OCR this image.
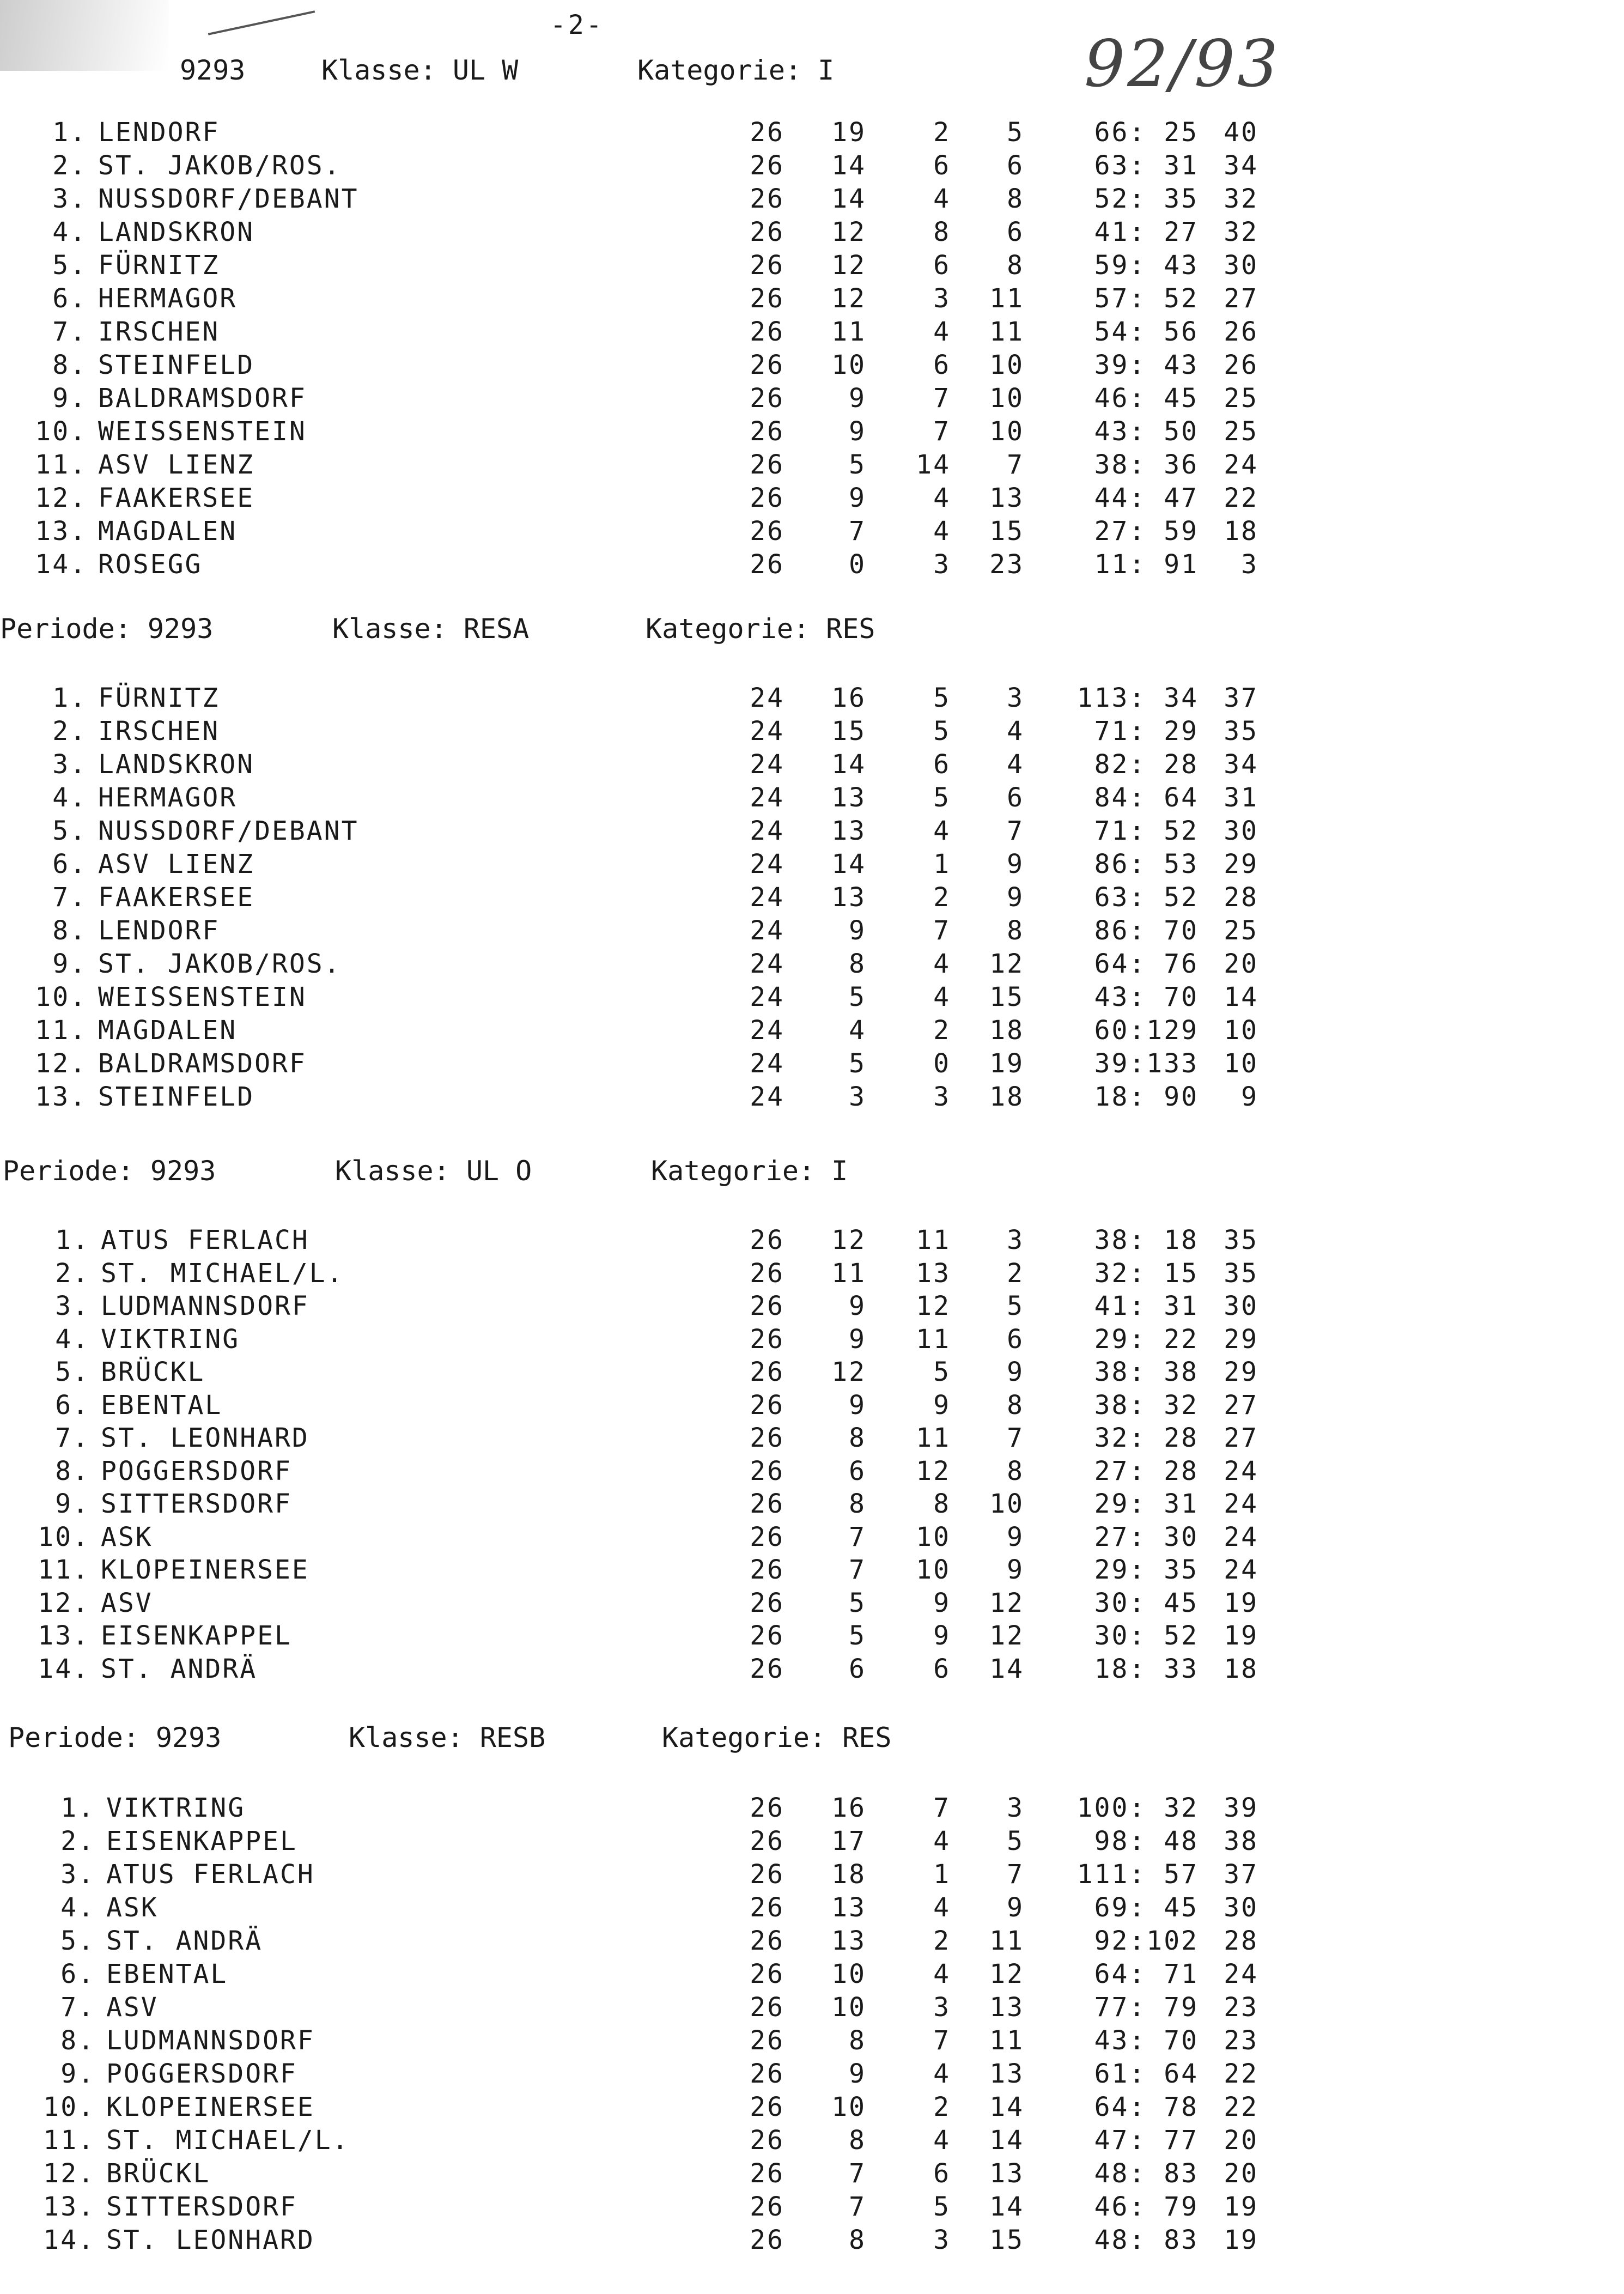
-2-
92/93
9293	Klasse: UL W	Kategorie: I
1. LENDORF	26	19	2	5	66: 25 40
2. ST. JAKOB/ROS.	26	14	6	6	63: 31 34
3. NUSSDORF/DEBANT	26	14	4	8	52: 35 32
4. LANDSKRON	26	12	8	6	41: 27 32
5. FÜRNITZ	26	12	6	8	59: 43 30
6. HERMAGOR	26	12	3	11	57: 52 27
7. IRSCHEN	26	11	4	11	54: 56 26
8. STEINFELD	26	10	6	10	39: 43 26
9. BALDRAMSDORF	26	9	7	10	46: 45 25
10. WEISSENSTEIN	26	9	7	10	43: 50 25
11. ASV LIENZ	26	5	14	7	38: 36 24
12. FAAKERSEE	26	9	4	13	44: 47 22
13. MAGDALEN	26	7	4	15	27: 59 18
14. ROSEGG	26	0	3	23	11: 91	3
Periode: 9293	Klasse: RESA	Kategorie: RES
1. FÜRNITZ	24	16	5	3	113: 34 37
2. IRSCHEN	24	15	5	4	71: 29 35
3. LANDSKRON	24	14	6	4	82: 28 34
4. HERMAGOR	24	13	5	6	84: 64 31
5. NUSSDORF/DEBANT	24	13	4	7	71: 52 30
6. ASV LIENZ	24	14	1	9	86: 53 29
7. FAAKERSEE	24	13	2	9	63: 52 28
8. LENDORF	24	9	7	8	86: 70 25
9. ST. JAKOB/ROS.	24	8	4	12	64: 76 20
10. WEISSENSTEIN	24	5	4	15	43: 70 14
11. MAGDALEN	24	4	2	18	60:129 10
12. BALDRAMSDORF	24	5	0	19	39:133 10
13. STEINFELD	24	3	3	18	18: 90	9
Periode: 9293	Klasse: UL O	Kategorie: I
1. ATUS FERLACH	26	12	11	3	38: 18 35
2. ST. MICHAEL/L.	26	11	13	2	32: 15 35
3. LUDMANNSDORF	26	9	12	5	41: 31 30
4. VIKTRING	26	9	11	6	29: 22 29
5. BRÜCKL	26	12	5	9	38: 38 29
6. EBENTAL	26	9	9	8	38: 32 27
7. ST. LEONHARD	26	8	11	7	32: 28 27
8. POGGERSDORF	26	6	12	8	27: 28 24
9. SITTERSDORF	26	8	8	10	29: 31 24
10. ASK	26	7	10	9	27: 30 24
11. KLOPEINERSEE	26	7	10	9	29: 35 24
12. ASV	26	5	9	12	30: 45 19
13. EISENKAPPEL	26	5	9	12	30: 52 19
14. ST. ANDRÄ	26	6	6	14	18: 33 18
Periode: 9293	Klasse: RESB	Kategorie: RES
1. VIKTRING	26	16	7	3	100: 32 39
2. EISENKAPPEL	26	17	4	5	98: 48 38
3. ATUS FERLACH	26	18	1	7	111: 57 37
4. ASK	26	13	4	9	69: 45 30
5. ST. ANDRÄ	26	13	2	11	92:102 28
6. EBENTAL	26	10	4	12	64: 71 24
7. ASV	26	10	3	13	77: 79 23
8. LUDMANNSDORF	26	8	7	11	43: 70 23
9. POGGERSDORF	26	9	4	13	61: 64 22
10. KLOPEINERSEE	26	10	2	14	64: 78 22
11. ST. MICHAEL/L.	26	8	4	14	47: 77 20
12. BRÜCKL	26	7	6	13	48: 83 20
13. SITTERSDORF	26	7	5	14	46: 79 19
14. ST. LEONHARD	26	8	3	15	48: 83 19
